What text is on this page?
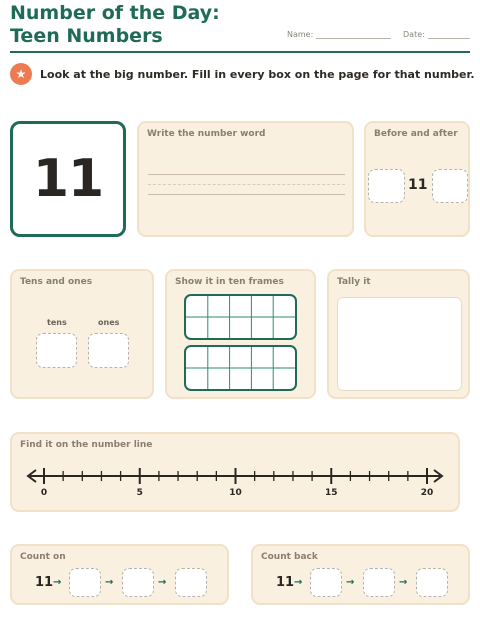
Number of the Day: Teen Numbers	Name:	Date:
★	Look at the big number. Fill in every box on the page for that number.
11
Write the number word	Before and after
11
Tens and ones
tens	ones
Show it in ten frames	Tally it
Find it on the number line
0	5	10	15	20
Count on
11 →	→	→
Count back
11 →	→	→
